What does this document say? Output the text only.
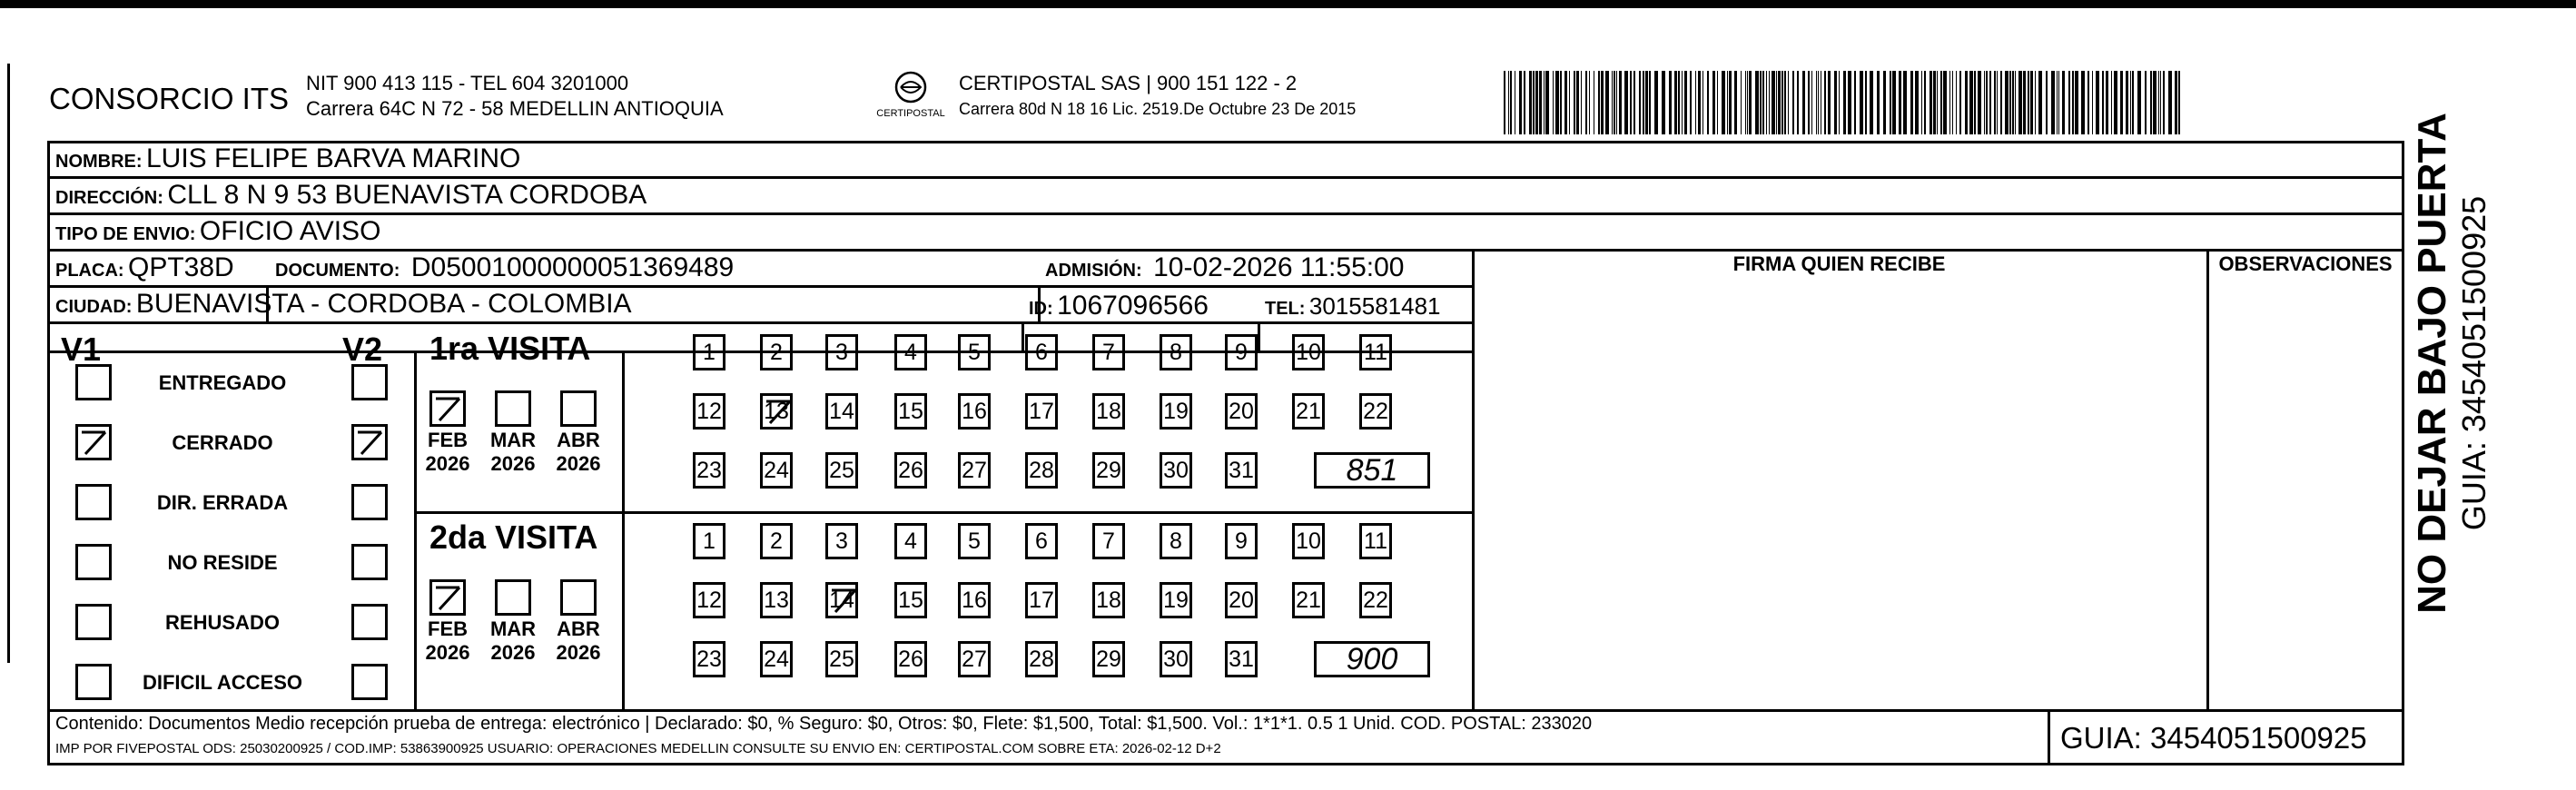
CONSORCIO ITS NIT 900 413 115 - TEL 604 3201000
Carrera 64C N 72 - 58 MEDELLIN ANTIOQUIA	CERTIPOSTAL
CERTIPOSTAL SAS | 900 151 122 - 2
Carrera 80d N 18 16 Lic. 2519.De Octubre 23 De 2015
NOMBRE: LUIS FELIPE BARVA MARINO
DIRECCIÓN: CLL 8 N 9 53 BUENAVISTA CORDOBA
TIPO DE ENVIO: OFICIO AVISO
FIRMA QUIEN RECIBE	OBSERVACIONES
PLACA: QPT38D DOCUMENTO: D05001000000051369489	ADMISIÓN: 10-02-2026 11:55:00
CIUDAD: BUENAVISTA - CORDOBA - COLOMBIA	ID: 1067096566	TEL: 3015581481
V1	V2 1ra VISITA
2da VISITA
Contenido: Documentos Medio recepción prueba de entrega: electrónico | Declarado: $0, % Seguro: $0, Otros: $0, Flete: $1,500, Total: $1,500. Vol.: 1*1*1. 0.5 1 Unid. COD. POSTAL: 233020
IMP POR FIVEPOSTAL ODS: 25030200925 / COD.IMP: 53863900925 USUARIO: OPERACIONES MEDELLIN CONSULTE SU ENVIO EN: CERTIPOSTAL.COM SOBRE ETA: 2026-02-12 D+2	GUIA: 3454051500925
ENTREGADO
CERRADO
DIR. ERRADA
NO RESIDE
REHUSADO
DIFICIL ACCESO
FEB
2026
MAR
2026
ABR
2026
FEB
2026
MAR
2026
ABR
2026
1	2	3	4	5	6	7	8	9	10 11
12 13 14 15 16 17 18 19 20 21 22
23 24 25 26 27 28 29 30 31	851
1	2	3	4	5	6	7	8	9	10 11
12 13 14 15 16 17 18 19 20 21 22
23 24 25 26 27 28 29 30 31	900
NO DEJAR BAJO PUERTA GUIA: 3454051500925
